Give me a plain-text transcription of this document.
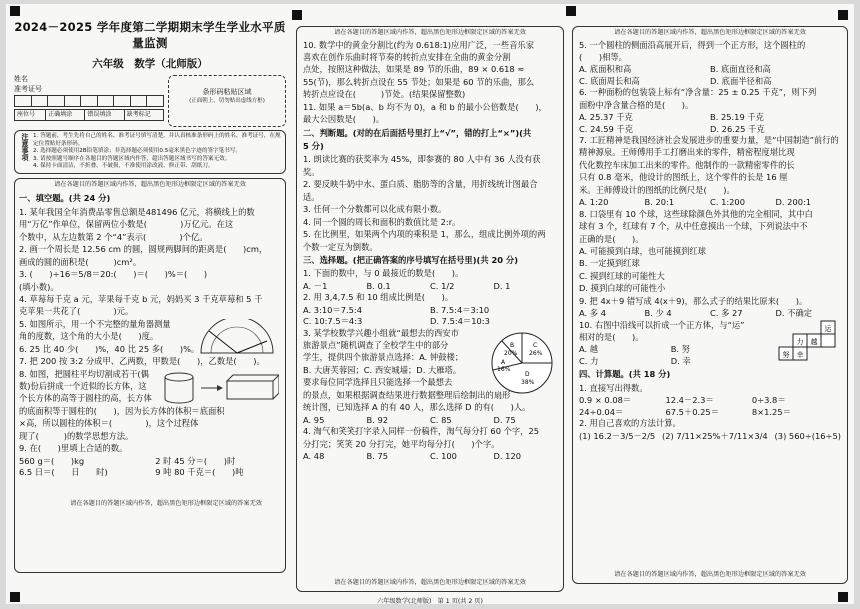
2024－2025 学年度第二学期期末学生学业水平质量监测
六年级　数学（北师版）
姓名
准考证号

座位号	正确填涂	错误填涂	缺考标记
条形码粘贴区域
(正面朝上，切勿贴出虚线方框)
注意事项 1. 答题前，考生先将自己的姓名、准考证号填写清楚，并认真核准条形码上的姓名、准考证号，在规定位置贴好条形码。
2. 选择题必须使用2B铅笔填涂；非选择题必须使用0.5毫米黑色字迹的签字笔书写。
3. 请按照题号顺序在各题目的答题区域内作答，超出答题区域书写的答案无效。
4. 保持卡面清洁，不折叠、不破损，不准使用涂改液、修正带、刮纸刀。
请在各题目的答题区域内作答，超出黑色矩形边框限定区域的答案无效
一、填空题。(共 24 分)
1. 某年我国全年消费品零售总额是481496 亿元，将横线上的数
用“万亿”作单位，保留两位小数是(　　　　)万亿元。在这
个数中，从左边数第 2 个“4”表示(　　　　)个亿。
2. 画一个周长是 12.56 cm 的圆，圆规两脚间的距离是(　　)cm，
画成的圆的面积是(　　　)cm²。
3. (　　)÷16＝5/8＝20:(　　)＝(　　)%＝(　　)
(填小数)。
4. 草莓每千克 a 元，苹果每千克 b 元，妈妈买 3 千克草莓和 5 千
克苹果一共花了(　　　　)元。
5. 如图所示，用一个不完整的量角器测量
角的度数，这个角的大小是(　　)度。
6. 25 比 40 少(　　)%，40 比 25 多(　　)%。
7. 把 200 按 3:2 分成甲、乙两数，甲数是(　　)，乙数是(　　)。
8. 如图，把圆柱平均切割成若干(偶
数)份后拼成一个近似的长方体，这
个长方体的高等于圆柱的高，长方体
的底面积等于圆柱的(　　)，因为长方体的体积＝底面积
×高，所以圆柱的体积＝(　　　　)，这个过程体
现了(　　　)的数学思想方法。
9. 在(　　)里填上合适的数。
560 g＝(　　)kg	2 时 45 分＝(　　)时
6.5 日＝(　　日　　时)	9 吨 80 千克＝(　　)吨
请在各题目的答题区域内作答，超出黑色矩形边框限定区域的答案无效
请在各题目的答题区域内作答，超出黑色矩形边框限定区域的答案无效
10. 数学中的黄金分割比(约为 0.618:1)应用广泛，一些音乐家
喜欢在创作乐曲时将节奏的转折点安排在全曲的黄金分割
点处，按照这种做法，如果是 89 节的乐曲，89 × 0.618 ≈
55(节)，那么转折点设在 55 节处；如果是 60 节的乐曲，那么
转折点应设在(　　　)节处。(结果保留整数)
11. 如果 a＝5b(a、b 均不为 0)，a 和 b 的最小公倍数是(　　)，
最大公因数是(　　)。
二、判断题。(对的在后面括号里打上“√”，错的打上“×”)(共
5 分)
1. 朗读比赛的获奖率为 45%，即参赛的 80 人中有 36 人没有获
奖。
2. 要反映牛奶中水、蛋白质、脂肪等的含量，用折线统计图最合
适。
3. 任何一个分数都可以化成有限小数。
4. 同一个圆的周长和面积的数值比是 2:r。
5. 在比例里，如果两个内项的乘积是 1，那么，组成比例外项的两
个数一定互为倒数。
三、选择题。(把正确答案的序号填写在括号里)(共 20 分)
1. 下面的数中，与 0 最接近的数是(　　)。
A. －1	B. 0.1	C. 1/2	D. 1
2. 用 3,4,7.5 和 10 组成比例是(　　)。
A. 3:10＝7.5:4	B. 7.5:4＝3:10
C. 10:7.5＝4:3	D. 7.5:4＝10:3
B
20%
C
26%
A
16%
D
38%
3. 某学校数学兴趣小组就“最想去的西安市
旅游景点”随机调查了全校学生中的部分
学生，提供四个旅游景点选择：A. 钟鼓楼；
B. 大唐芙蓉园；C. 西安城墙；D. 大雁塔。
要求每位同学选择且只能选择一个最想去
的景点，如果根据调查结果进行数据整理后绘制出的扇形
统计图，已知选择 A 的有 40 人，那么选择 D 的有(　　)人。
A. 95	B. 92	C. 85	D. 75
4. 淘气和笑笑打字录入同样一份稿件，淘气每分打 60 个字，25
分打完；笑笑 20 分打完，她平均每分打(　　)个字。
A. 48	B. 75	C. 100	D. 120
请在各题目的答题区域内作答，超出黑色矩形边框限定区域的答案无效
请在各题目的答题区域内作答，超出黑色矩形边框限定区域的答案无效
5. 一个圆柱的侧面沿高展开后，得到一个正方形，这个圆柱的
(　　)相等。
A. 底面积和高	B. 底面直径和高
C. 底面周长和高	D. 底面半径和高
6. 一种面粉的包装袋上标有“净含量：25 ± 0.25 千克”，则下列
面粉中净含量合格的是(　　)。
A. 25.37 千克	B. 25.19 千克
C. 24.59 千克	D. 26.25 千克
7. 工匠精神是我国经济社会发展进步的重要力量，是“中国制造”前行的
精神源泉。王师傅用手工打磨出来的零件，精密程度堪比现
代化数控车床加工出来的零件。他制作的一款精密零件的长
只有 0.8 毫米，他设计的图纸上，这个零件的长是 16 厘
米。王师傅设计的图纸的比例尺是(　　)。
A. 1:20	B. 20:1	C. 1:200	D. 200:1
8. 口袋里有 10 个球，这些球除颜色外其他的完全相同，其中白
球有 3 个，红球有 7 个，从中任意摸出一个球，下列说法中不
正确的是(　　)。
A. 可能摸到白球，也可能摸到红球
B. 一定摸到红球
C. 摸到红球的可能性大
D. 摸到白球的可能性小
9. 把 4x＋9 错写成 4(x＋9)，那么式子的结果比原来(　　)。
A. 多 4	B. 少 4	C. 多 27	D. 不确定
运
力 越
努 幸
10. 右图中沿线可以折成一个正方体，与“运”
相对的是(　　)。
A. 越	B. 努
C. 力	D. 幸
四、计算题。(共 18 分)
1. 直接写出得数。
0.9 × 0.08＝	12.4－2.3＝	0÷3.8＝
24÷0.04＝	67.5＋0.25＝	8×1.25＝
2. 用自己喜欢的方法计算。
(1) 16.2－3/5－2/5 (2) 7/11×25%＋7/11×3/4 (3) 560÷(16÷5)
请在各题目的答题区域内作答，超出黑色矩形边框限定区域的答案无效
六年级数学(北师版)　第 1 页(共 2 页)
